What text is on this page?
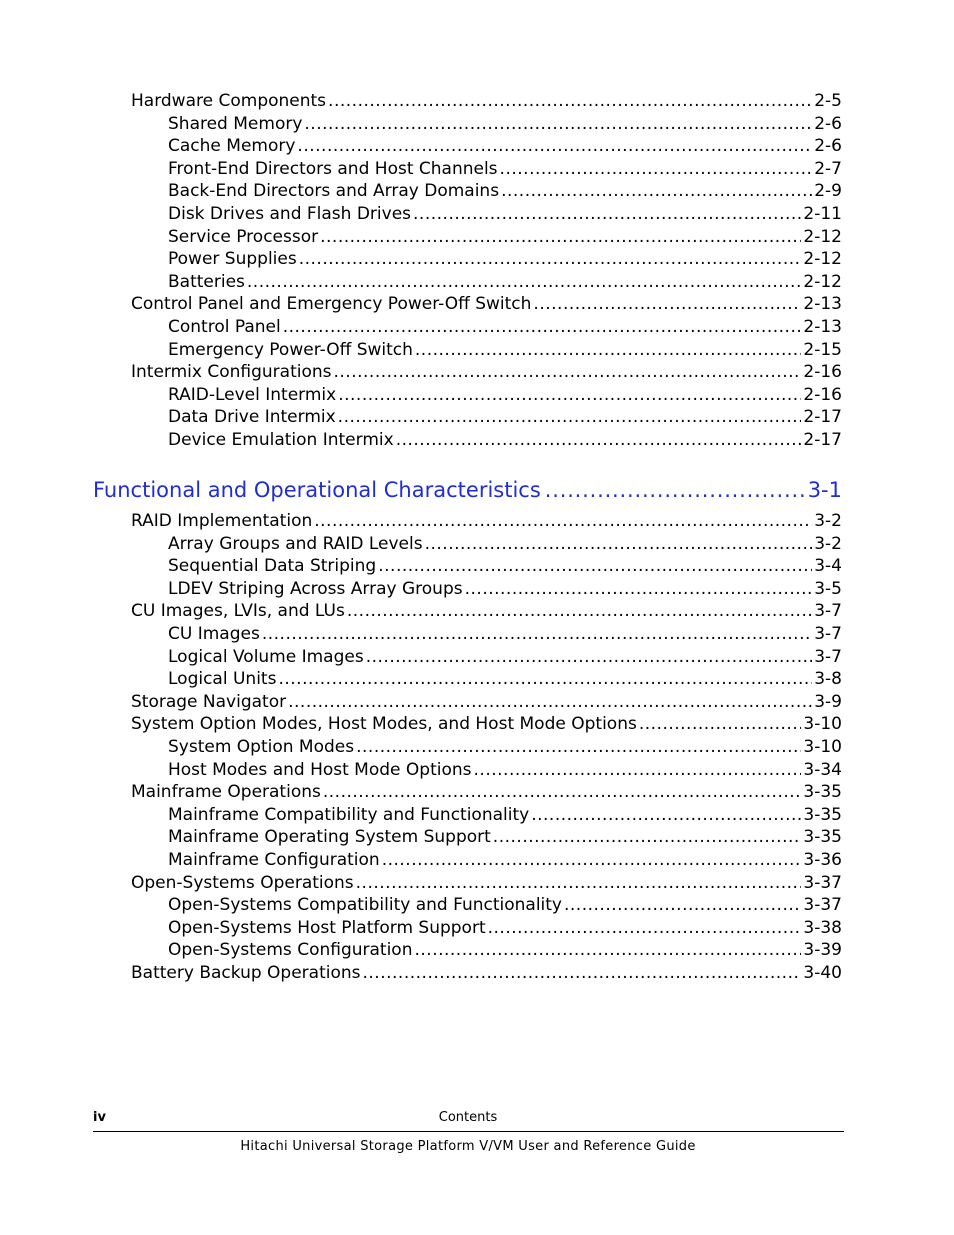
Hardware Components .....	2-5
Shared Memory .....	2-6
Cache Memory .....	2-6
Front-End Directors and Host Channels .....	2-7
Back-End Directors and Array Domains .....	2-9
Disk Drives and Flash Drives .....	2-11
Service Processor .....	2-12
Power Supplies .....	2-12
Batteries .....	2-12
Control Panel and Emergency Power-Off Switch .....	2-13
Control Panel .....	2-13
Emergency Power-Off Switch .....	2-15
Intermix Configurations .....	2-16
RAID-Level Intermix .....	2-16
Data Drive Intermix .....	2-17
Device Emulation Intermix .....	2-17
Functional and Operational Characteristics .....	3-1
RAID Implementation .....	3-2
Array Groups and RAID Levels .....	3-2
Sequential Data Striping .....	3-4
LDEV Striping Across Array Groups .....	3-5
CU Images, LVIs, and LUs .....	3-7
CU Images .....	3-7
Logical Volume Images .....	3-7
Logical Units .....	3-8
Storage Navigator .....	3-9
System Option Modes, Host Modes, and Host Mode Options .....	3-10
System Option Modes .....	3-10
Host Modes and Host Mode Options .....	3-34
Mainframe Operations .....	3-35
Mainframe Compatibility and Functionality .....	3-35
Mainframe Operating System Support .....	3-35
Mainframe Configuration .....	3-36
Open-Systems Operations .....	3-37
Open-Systems Compatibility and Functionality .....	3-37
Open-Systems Host Platform Support .....	3-38
Open-Systems Configuration .....	3-39
Battery Backup Operations .....	3-40
iv	Contents
Hitachi Universal Storage Platform V/VM User and Reference Guide
